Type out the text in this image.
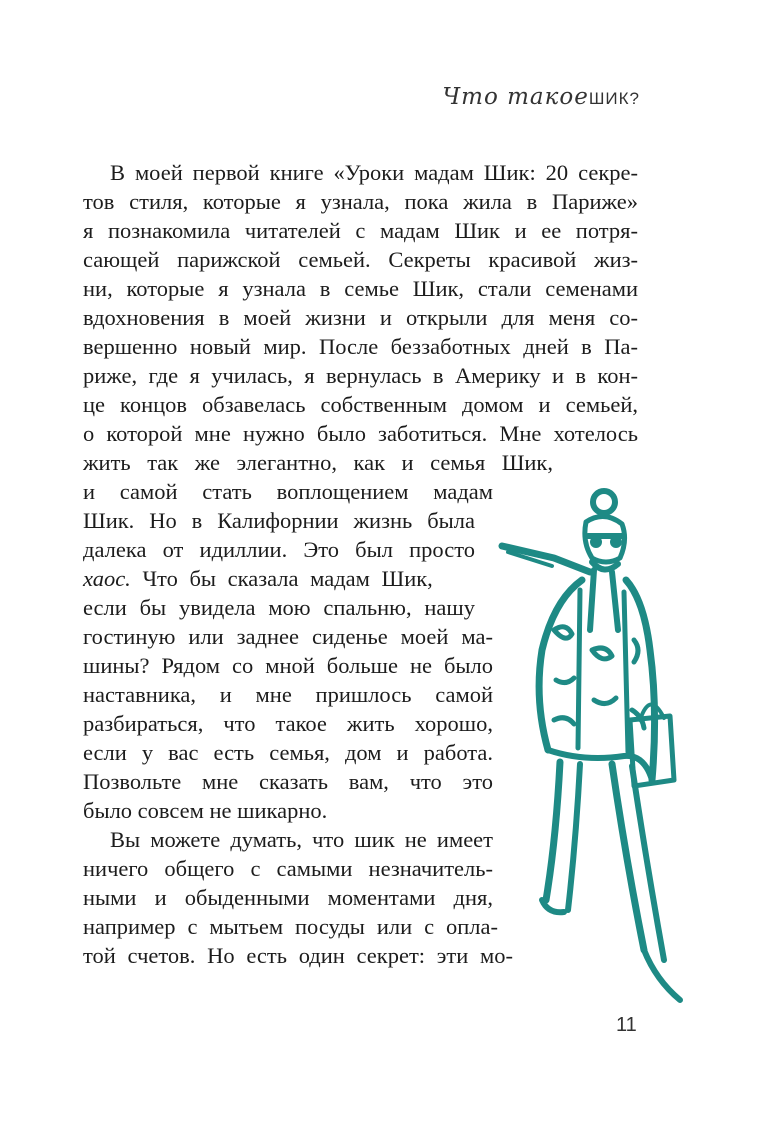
Что такоеШИК?
В моей первой книге «Уроки мадам Шик: 20 секре-
тов стиля, которые я узнала, пока жила в Париже»
я познакомила читателей с мадам Шик и ее потря-
сающей парижской семьей. Секреты красивой жиз-
ни, которые я узнала в семье Шик, стали семенами
вдохновения в моей жизни и открыли для меня со-
вершенно новый мир. После беззаботных дней в Па-
риже, где я училась, я вернулась в Америку и в кон-
це концов обзавелась собственным домом и семьей,
о которой мне нужно было заботиться. Мне хотелось
жить так же элегантно, как и семья Шик,
и самой стать воплощением мадам
Шик. Но в Калифорнии жизнь была
далека от идиллии. Это был просто
хаос. Что бы сказала мадам Шик,
если бы увидела мою спальню, нашу
гостиную или заднее сиденье моей ма-
шины? Рядом со мной больше не было
наставника, и мне пришлось самой
разбираться, что такое жить хорошо,
если у вас есть семья, дом и работа.
Позвольте мне сказать вам, что это
было совсем не шикарно.
Вы можете думать, что шик не имеет
ничего общего с самыми незначитель-
ными и обыденными моментами дня,
например с мытьем посуды или с опла-
той счетов. Но есть один секрет: эти мо-
11
